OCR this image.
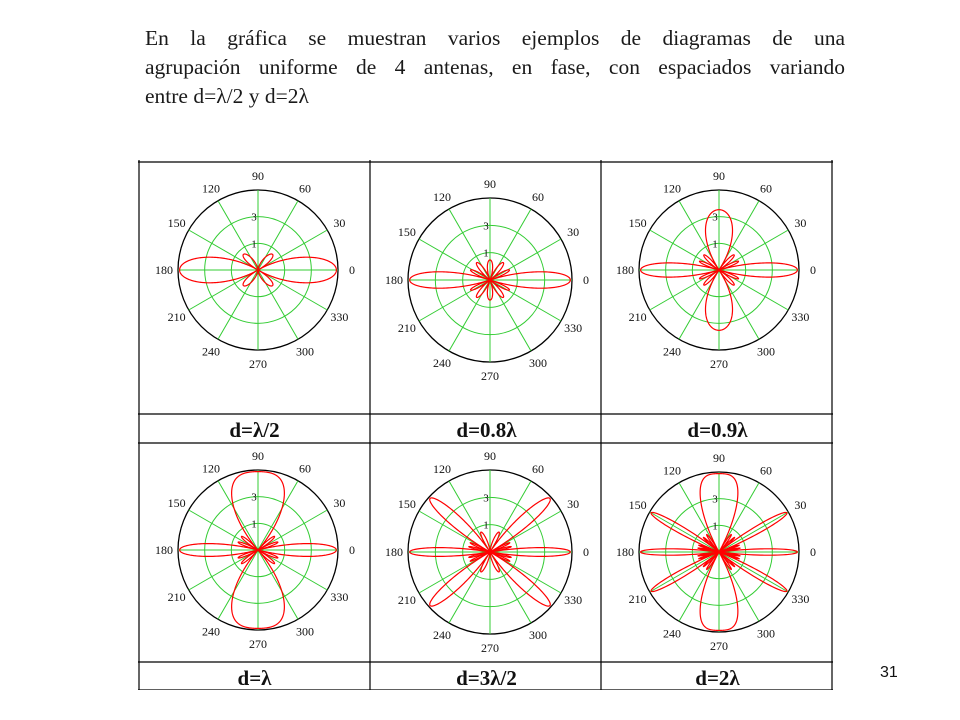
En la gráfica se muestran varios ejemplos de diagramas de una
agrupación uniforme de 4 antenas, en fase, con espaciados variando
entre d=λ/2 y d=2λ

0
30
60
90
120
150
180
210
240
270
300
330
1
3
0
30
60
90
120
150
180
210
240
270
300
330
1
3
0
30
60
90
120
150
180
210
240
270
300
330
1
3
0
30
60
90
120
150
180
210
240
270
300
330
1
3
0
30
60
90
120
150
180
210
240
270
300
330
1
3
0
30
60
90
120
150
180
210
240
270
300
330
1
3
d=λ/2	d=0.8λ	d=0.9λ
d=λ	d=3λ/2	d=2λ	31
